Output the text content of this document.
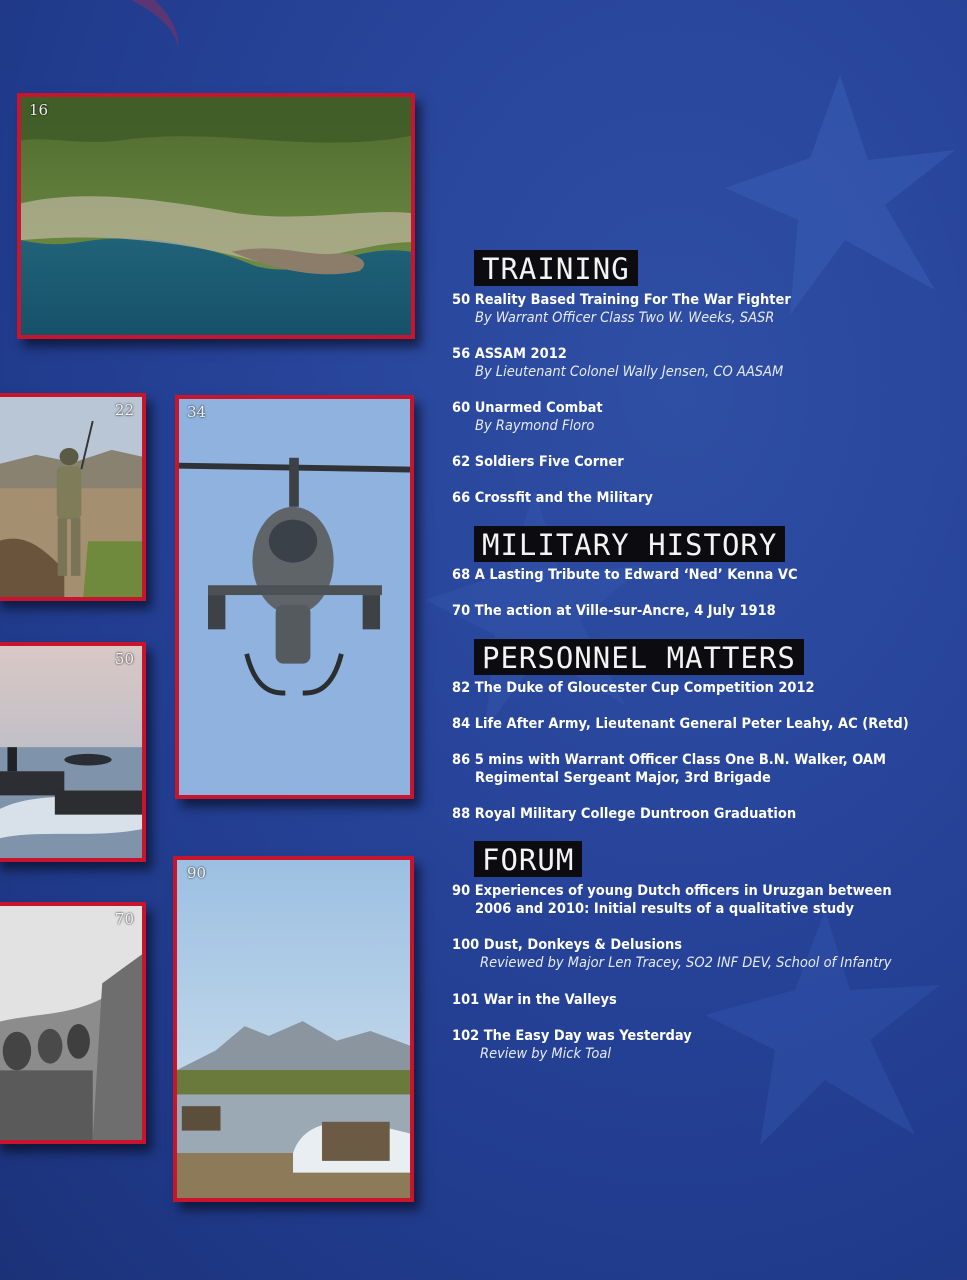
16
22	34
50
70
90
TRAINING
50 Reality Based Training For The War Fighter
By Warrant Officer Class Two W. Weeks, SASR
56 ASSAM 2012
By Lieutenant Colonel Wally Jensen, CO AASAM
60 Unarmed Combat
By Raymond Floro
62 Soldiers Five Corner
66 Crossfit and the Military
MILITARY HISTORY
68 A Lasting Tribute to Edward ‘Ned’ Kenna VC
70 The action at Ville-sur-Ancre, 4 July 1918
PERSONNEL MATTERS
82 The Duke of Gloucester Cup Competition 2012
84 Life After Army, Lieutenant General Peter Leahy, AC (Retd)
86 5 mins with Warrant Officer Class One B.N. Walker, OAM
Regimental Sergeant Major, 3rd Brigade
88 Royal Military College Duntroon Graduation
FORUM
90 Experiences of young Dutch officers in Uruzgan between
2006 and 2010: Initial results of a qualitative study
100 Dust, Donkeys & Delusions
Reviewed by Major Len Tracey, SO2 INF DEV, School of Infantry
101 War in the Valleys
102 The Easy Day was Yesterday
Review by Mick Toal
